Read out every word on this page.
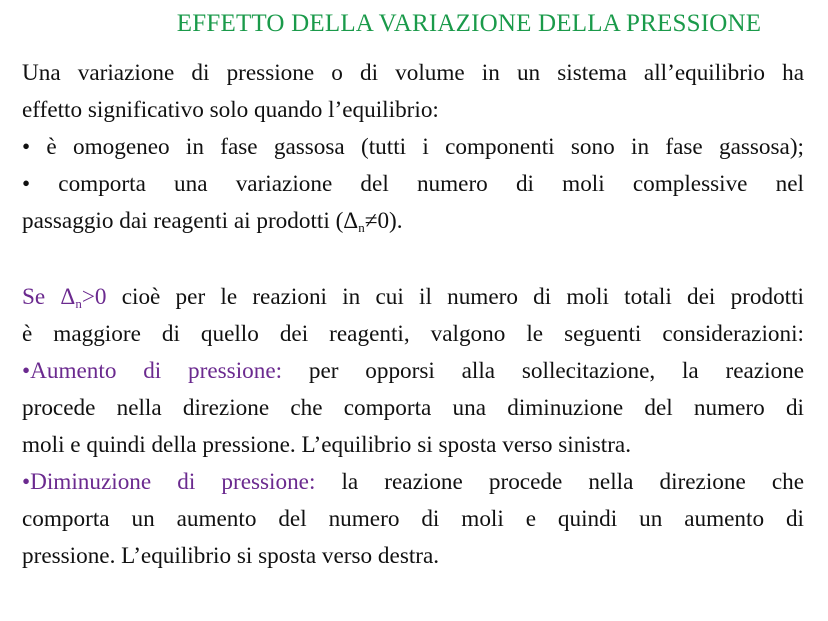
EFFETTO DELLA VARIAZIONE DELLA PRESSIONE
Una variazione di pressione o di volume in un sistema all’equilibrio ha
effetto significativo solo quando l’equilibrio:
• è omogeneo in fase gassosa (tutti i componenti sono in fase gassosa);
• comporta una variazione del numero di moli complessive nel
passaggio dai reagenti ai prodotti $(\Delta_n\ne 0)$.
Se $\Delta_n>0$ cioè per le reazioni in cui il numero di moli totali dei prodotti
è maggiore di quello dei reagenti, valgono le seguenti considerazioni:
•Aumento di pressione: per opporsi alla sollecitazione, la reazione
procede nella direzione che comporta una diminuzione del numero di
moli e quindi della pressione. L’equilibrio si sposta verso sinistra.
•Diminuzione di pressione: la reazione procede nella direzione che
comporta un aumento del numero di moli e quindi un aumento di
pressione. L’equilibrio si sposta verso destra.
